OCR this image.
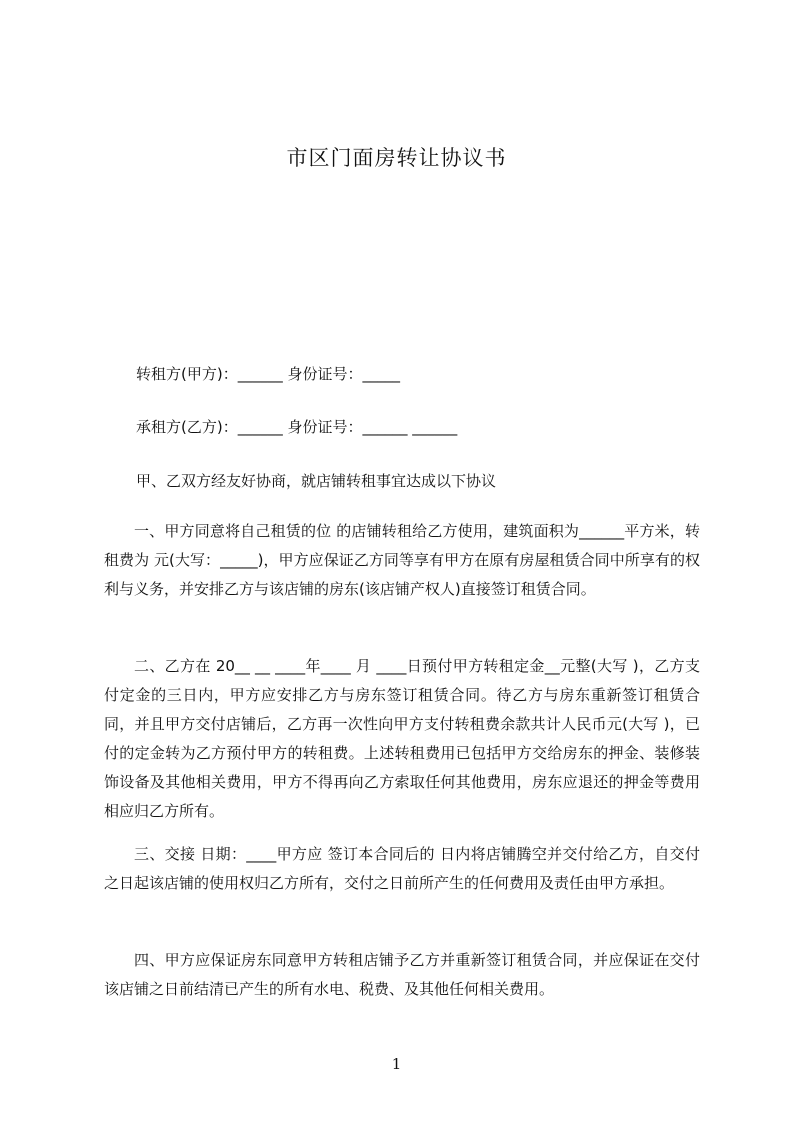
市区门面房转让协议书
转租方(甲方)：______ 身份证号：_____
承租方(乙方)：______ 身份证号：______ ______
甲、乙双方经友好协商，就店铺转租事宜达成以下协议
一、甲方同意将自己租赁的位 的店铺转租给乙方使用，建筑面积为______平方米，转租费为 元(大写：_____)，甲方应保证乙方同等享有甲方在原有房屋租赁合同中所享有的权利与义务，并安排乙方与该店铺的房东(该店铺产权人)直接签订租赁合同。
二、乙方在 20__ __ ____年____ 月 ____日预付甲方转租定金__元整(大写 )，乙方支付定金的三日内，甲方应安排乙方与房东签订租赁合同。待乙方与房东重新签订租赁合同，并且甲方交付店铺后，乙方再一次性向甲方支付转租费余款共计人民币元(大写 )，已付的定金转为乙方预付甲方的转租费。上述转租费用已包括甲方交给房东的押金、装修装饰设备及其他相关费用，甲方不得再向乙方索取任何其他费用，房东应退还的押金等费用相应归乙方所有。
三、交接 日期：____甲方应 签订本合同后的 日内将店铺腾空并交付给乙方，自交付之日起该店铺的使用权归乙方所有，交付之日前所产生的任何费用及责任由甲方承担。
四、甲方应保证房东同意甲方转租店铺予乙方并重新签订租赁合同，并应保证在交付该店铺之日前结清已产生的所有水电、税费、及其他任何相关费用。
1
